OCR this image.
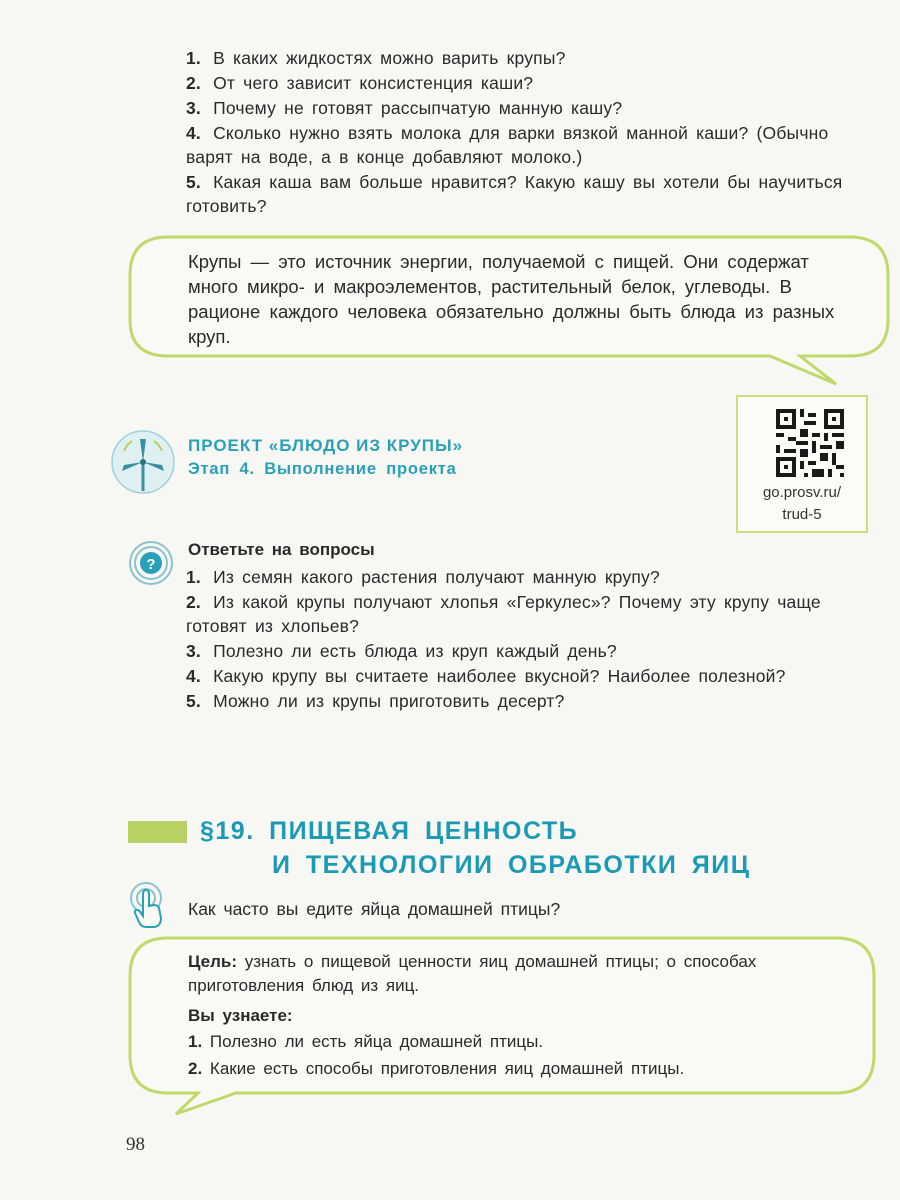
1. В каких жидкостях можно варить крупы?
2. От чего зависит консистенция каши?
3. Почему не готовят рассыпчатую манную кашу?
4. Сколько нужно взять молока для варки вязкой манной каши? (Обычно варят на воде, а в конце добавляют молоко.)
5. Какая каша вам больше нравится? Какую кашу вы хотели бы научиться готовить?
Крупы — это источник энергии, получаемой с пищей. Они содержат много микро- и макроэлементов, растительный белок, углеводы. В рационе каждого человека обязательно должны быть блюда из разных круп.
ПРОЕКТ «БЛЮДО ИЗ КРУПЫ»
Этап 4. Выполнение проекта
go.prosv.ru/
trud-5
?
Ответьте на вопросы
1. Из семян какого растения получают манную крупу?
2. Из какой крупы получают хлопья «Геркулес»? Почему эту крупу чаще готовят из хлопьев?
3. Полезно ли есть блюда из круп каждый день?
4. Какую крупу вы считаете наиболее вкусной? Наиболее полезной?
5. Можно ли из крупы приготовить десерт?
§19. ПИЩЕВАЯ ЦЕННОСТЬ
И ТЕХНОЛОГИИ ОБРАБОТКИ ЯИЦ
Как часто вы едите яйца домашней птицы?
Цель: узнать о пищевой ценности яиц домашней птицы; о способах приготовления блюд из яиц.
Вы узнаете:
1. Полезно ли есть яйца домашней птицы.
2. Какие есть способы приготовления яиц домашней птицы.
98
